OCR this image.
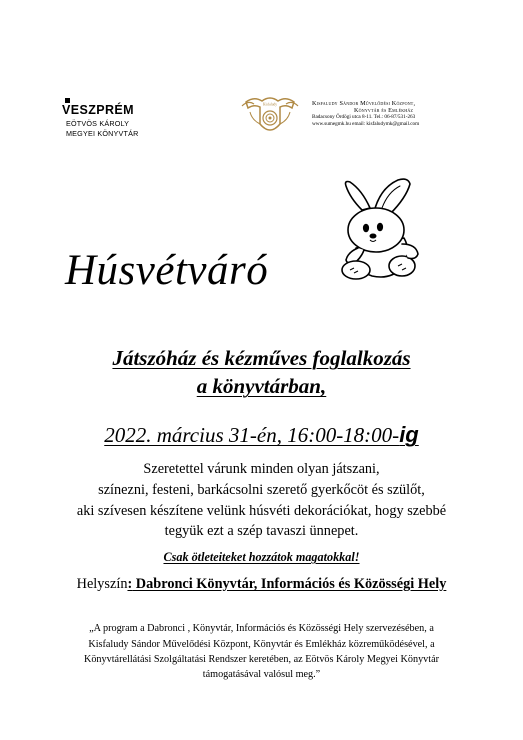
VESZPRÉM
EÖTVÖS KÁROLY
MEGYEI KÖNYVTÁR
Kisfaludy	Kisfaludy Sándor Művelődési Központ,
Könyvtár és Emlékház
Badacsony Ördögi utca 8-11. Tel.: 06-87/531-263
www.sumegmk.hu email: kisfaludymk@gmail.com
Húsvétváró
Játszóház és kézműves foglalkozás
a könyvtárban,
2022. március 31-én, 16:00-18:00-ig
Szeretettel várunk minden olyan játszani,
színezni, festeni, barkácsolni szerető gyerkőcöt és szülőt,
aki szívesen készítene velünk húsvéti dekorációkat, hogy szebbé
tegyük ezt a szép tavaszi ünnepet.
Csak ötleteiteket hozzátok magatokkal!
Helyszín: Dabronci Könyvtár, Információs és Közösségi Hely
„A program a Dabronci , Könyvtár, Információs és Közösségi Hely szervezésében, a
Kisfaludy Sándor Művelődési Központ, Könyvtár és Emlékház közreműködésével, a
Könyvtárellátási Szolgáltatási Rendszer keretében, az Eötvös Károly Megyei Könyvtár
támogatásával valósul meg.”
